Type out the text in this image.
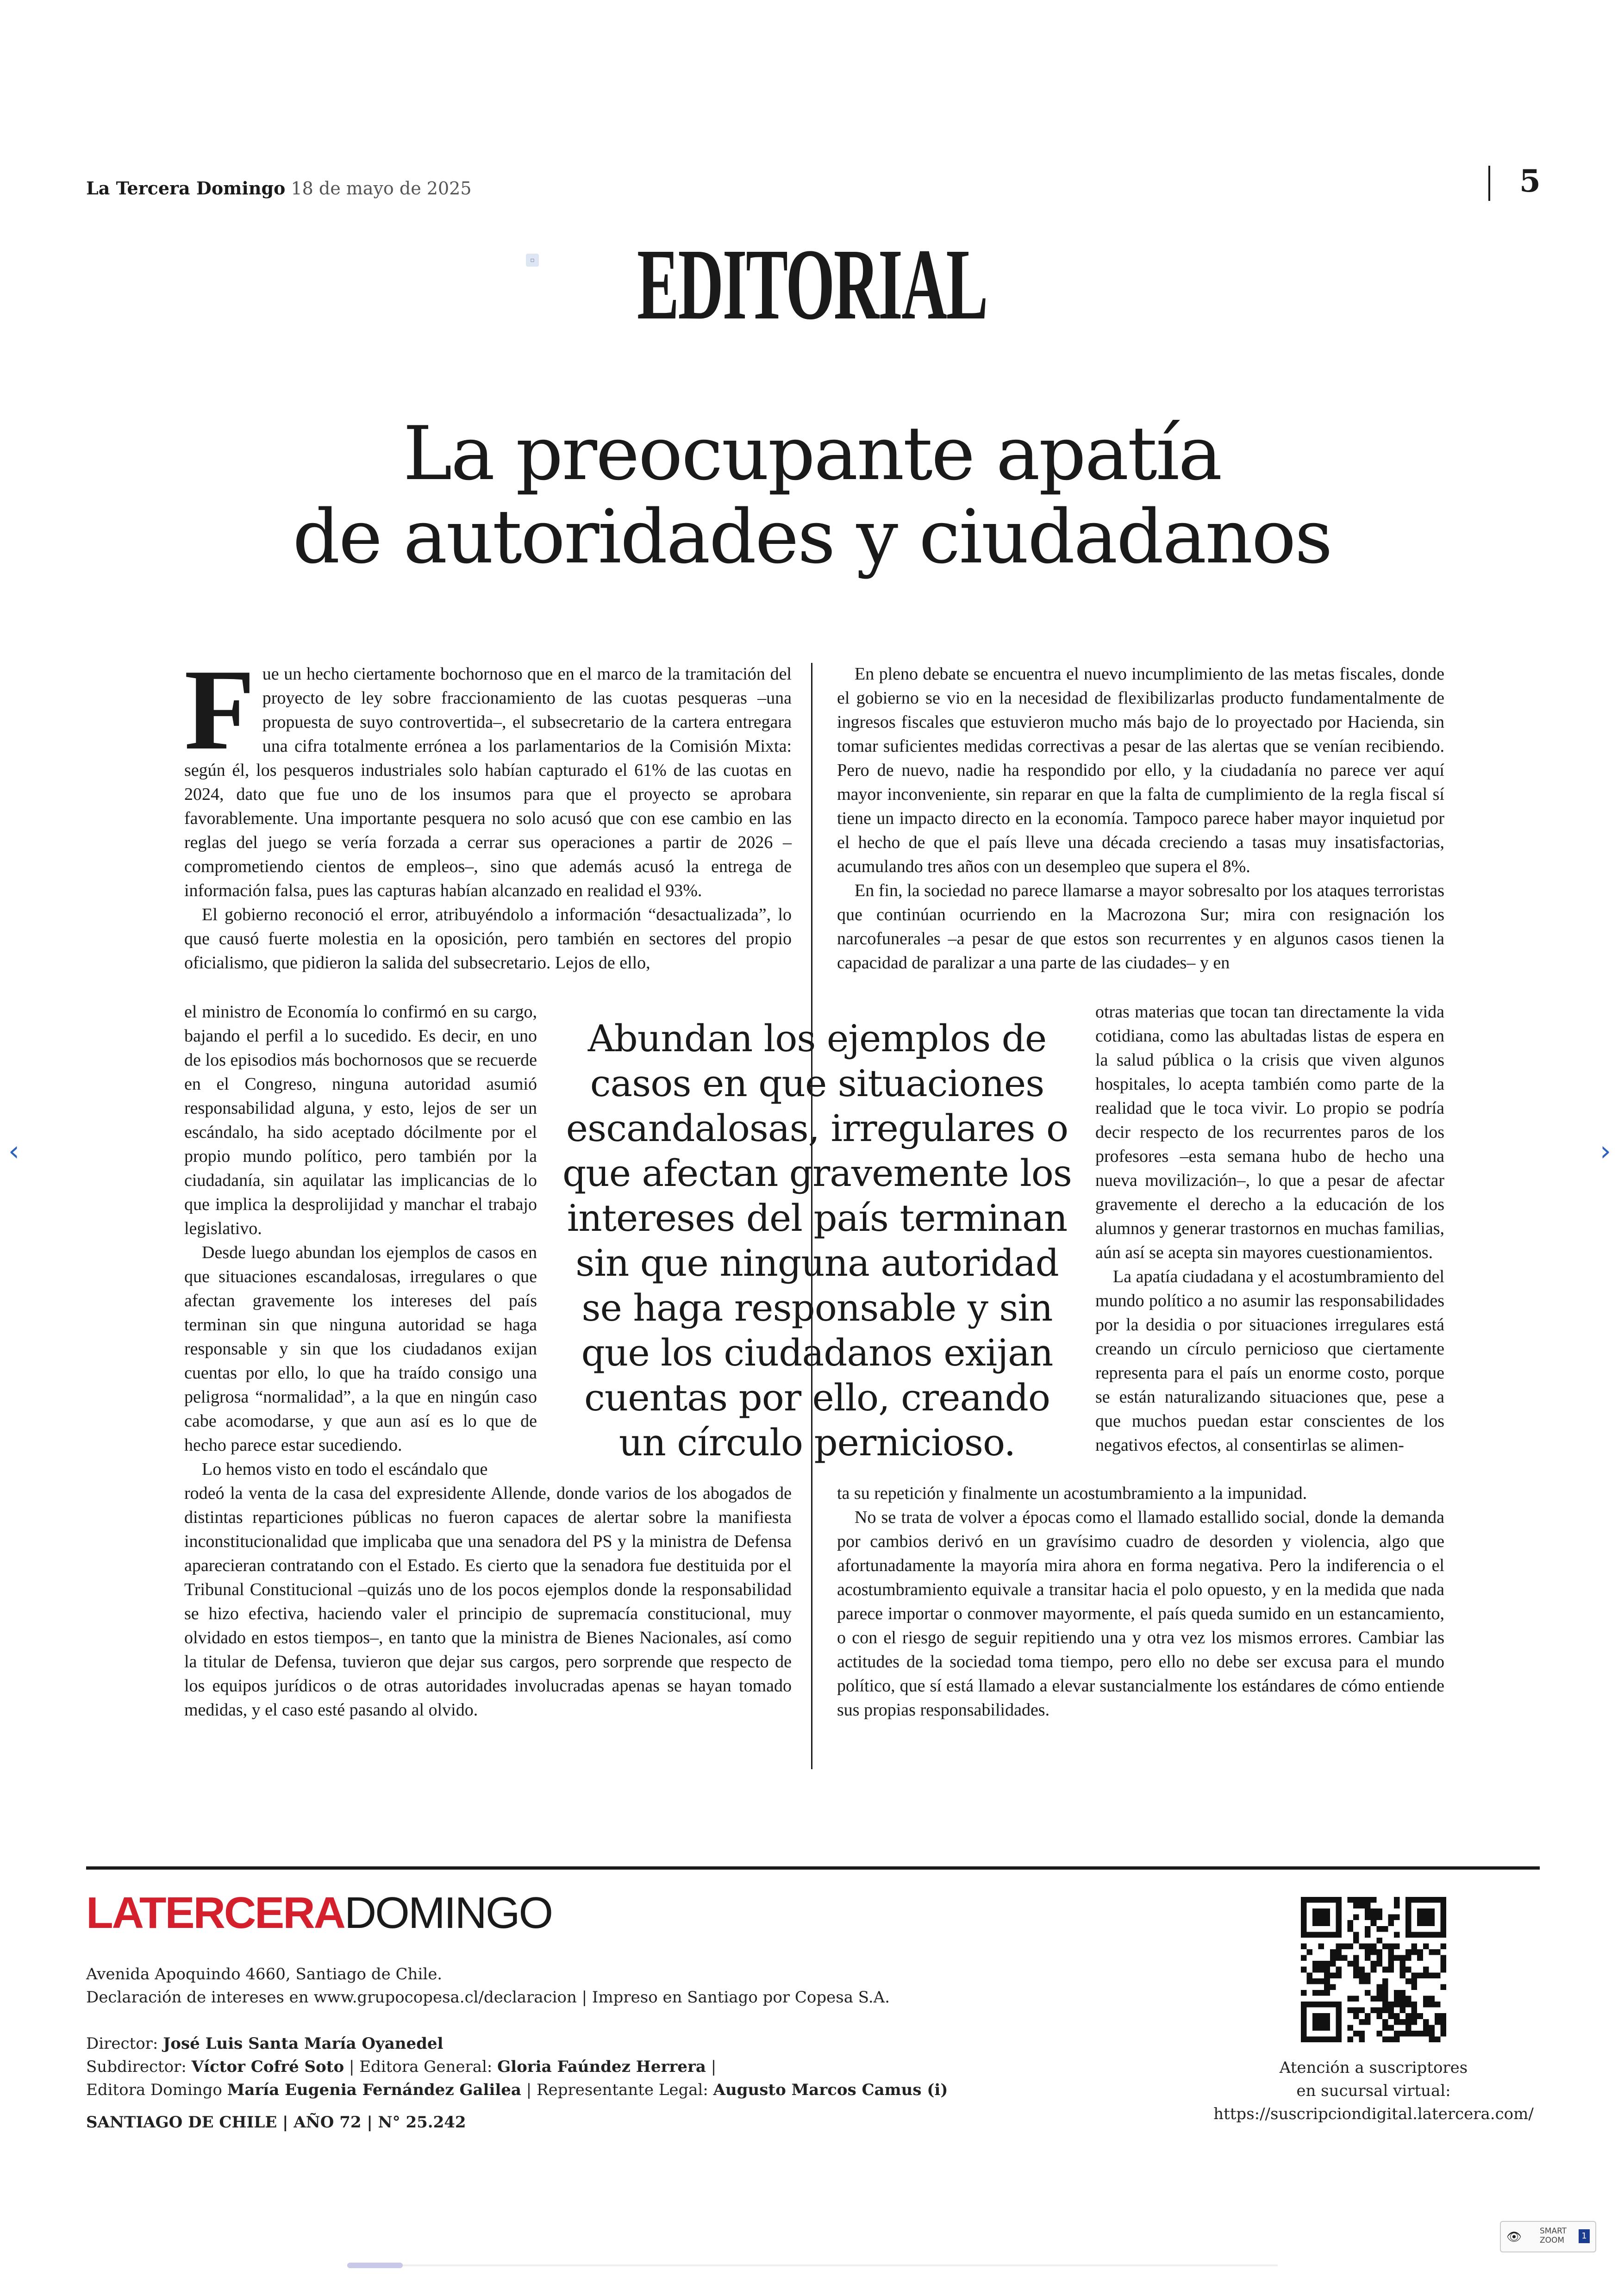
La Tercera Domingo 18 de mayo de 2025	5
▫	EDITORIAL
La preocupante apatía
de autoridades y ciudadanos

Fue un hecho ciertamente bochornoso que en el marco de la tramitación del proyecto de ley sobre fraccionamiento de las cuotas pesqueras –una propuesta de suyo controvertida–, el subsecretario de la cartera entregara una cifra totalmente errónea a los parlamentarios de la Comisión Mixta: según él, los pesqueros industriales solo habían capturado el 61% de las cuotas en 2024, dato que fue uno de los insumos para que el proyecto se aprobara favorablemente. Una importante pesquera no solo acusó que con ese cambio en las reglas del juego se vería forzada a cerrar sus operaciones a partir de 2026 –comprometiendo cientos de empleos–, sino que además acusó la entrega de información falsa, pues las capturas habían alcanzado en realidad el 93%.

El gobierno reconoció el error, atribuyéndolo a información “desactualizada”, lo que causó fuerte molestia en la oposición, pero también en sectores del propio oficialismo, que pidieron la salida del subsecretario. Lejos de ello,

el ministro de Economía lo confirmó en su cargo, bajando el perfil a lo sucedido. Es decir, en uno de los episodios más bochornosos que se recuerde en el Congreso, ninguna autoridad asumió responsabilidad alguna, y esto, lejos de ser un escándalo, ha sido aceptado dócilmente por el propio mundo político, pero también por la ciudadanía, sin aquilatar las implicancias de lo que implica la desprolijidad y manchar el trabajo legislativo.

Desde luego abundan los ejemplos de casos en que situaciones escandalosas, irregulares o que afectan gravemente los intereses del país terminan sin que ninguna autoridad se haga responsable y sin que los ciudadanos exijan cuentas por ello, lo que ha traído consigo una peligrosa “normalidad”, a la que en ningún caso cabe acomodarse, y que aun así es lo que de hecho parece estar sucediendo.

Lo hemos visto en todo el escándalo que

rodeó la venta de la casa del expresidente Allende, donde varios de los abogados de distintas reparticiones públicas no fueron capaces de alertar sobre la manifiesta inconstitucionalidad que implicaba que una senadora del PS y la ministra de Defensa aparecieran contratando con el Estado. Es cierto que la senadora fue destituida por el Tribunal Constitucional –quizás uno de los pocos ejemplos donde la responsabilidad se hizo efectiva, haciendo valer el principio de supremacía constitucional, muy olvidado en estos tiempos–, en tanto que la ministra de Bienes Nacionales, así como la titular de Defensa, tuvieron que dejar sus cargos, pero sorprende que respecto de los equipos jurídicos o de otras autoridades involucradas apenas se hayan tomado medidas, y el caso esté pasando al olvido.

En pleno debate se encuentra el nuevo incumplimiento de las metas fiscales, donde el gobierno se vio en la necesidad de flexibilizarlas producto fundamentalmente de ingresos fiscales que estuvieron mucho más bajo de lo proyectado por Hacienda, sin tomar suficientes medidas correctivas a pesar de las alertas que se venían recibiendo. Pero de nuevo, nadie ha respondido por ello, y la ciudadanía no parece ver aquí mayor inconveniente, sin reparar en que la falta de cumplimiento de la regla fiscal sí tiene un impacto directo en la economía. Tampoco parece haber mayor inquietud por el hecho de que el país lleve una década creciendo a tasas muy insatisfactorias, acumulando tres años con un desempleo que supera el 8%.

En fin, la sociedad no parece llamarse a mayor sobresalto por los ataques terroristas que continúan ocurriendo en la Macrozona Sur; mira con resignación los narcofunerales –a pesar de que estos son recurrentes y en algunos casos tienen la capacidad de paralizar a una parte de las ciudades– y en

otras materias que tocan tan directamente la vida cotidiana, como las abultadas listas de espera en la salud pública o la crisis que viven algunos hospitales, lo acepta también como parte de la realidad que le toca vivir. Lo propio se podría decir respecto de los recurrentes paros de los profesores –esta semana hubo de hecho una nueva movilización–, lo que a pesar de afectar gravemente el derecho a la educación de los alumnos y generar trastornos en muchas familias, aún así se acepta sin mayores cuestionamientos.

La apatía ciudadana y el acostumbramiento del mundo político a no asumir las responsabilidades por la desidia o por situaciones irregulares está creando un círculo pernicioso que ciertamente representa para el país un enorme costo, porque se están naturalizando situaciones que, pese a que muchos puedan estar conscientes de los negativos efectos, al consentirlas se alimen-

ta su repetición y finalmente un acostumbramiento a la impunidad.

No se trata de volver a épocas como el llamado estallido social, donde la demanda por cambios derivó en un gravísimo cuadro de desorden y violencia, algo que afortunadamente la mayoría mira ahora en forma negativa. Pero la indiferencia o el acostumbramiento equivale a transitar hacia el polo opuesto, y en la medida que nada parece importar o conmover mayormente, el país queda sumido en un estancamiento, o con el riesgo de seguir repitiendo una y otra vez los mismos errores. Cambiar las actitudes de la sociedad toma tiempo, pero ello no debe ser excusa para el mundo político, que sí está llamado a elevar sustancialmente los estándares de cómo entiende sus propias responsabilidades.

Abundan los ejemplos de casos en que situaciones escandalosas, irregulares o que afectan gravemente los intereses del país terminan sin que ninguna autoridad se haga responsable y sin que los ciudadanos exijan cuentas por ello, creando un círculo pernicioso.
LATERCERADOMINGO
Avenida Apoquindo 4660, Santiago de Chile.
Declaración de intereses en www.grupocopesa.cl/declaracion | Impreso en Santiago por Copesa S.A.
Director: José Luis Santa María Oyanedel
Subdirector: Víctor Cofré Soto | Editora General: Gloria Faúndez Herrera |
Editora Domingo María Eugenia Fernández Galilea | Representante Legal: Augusto Marcos Camus (i)
SANTIAGO DE CHILE | AÑO 72 | N° 25.242
Atención a suscriptores
en sucursal virtual:
https://suscripciondigital.latercera.com/
‹	›
👁 SMART
ZOOM	1
